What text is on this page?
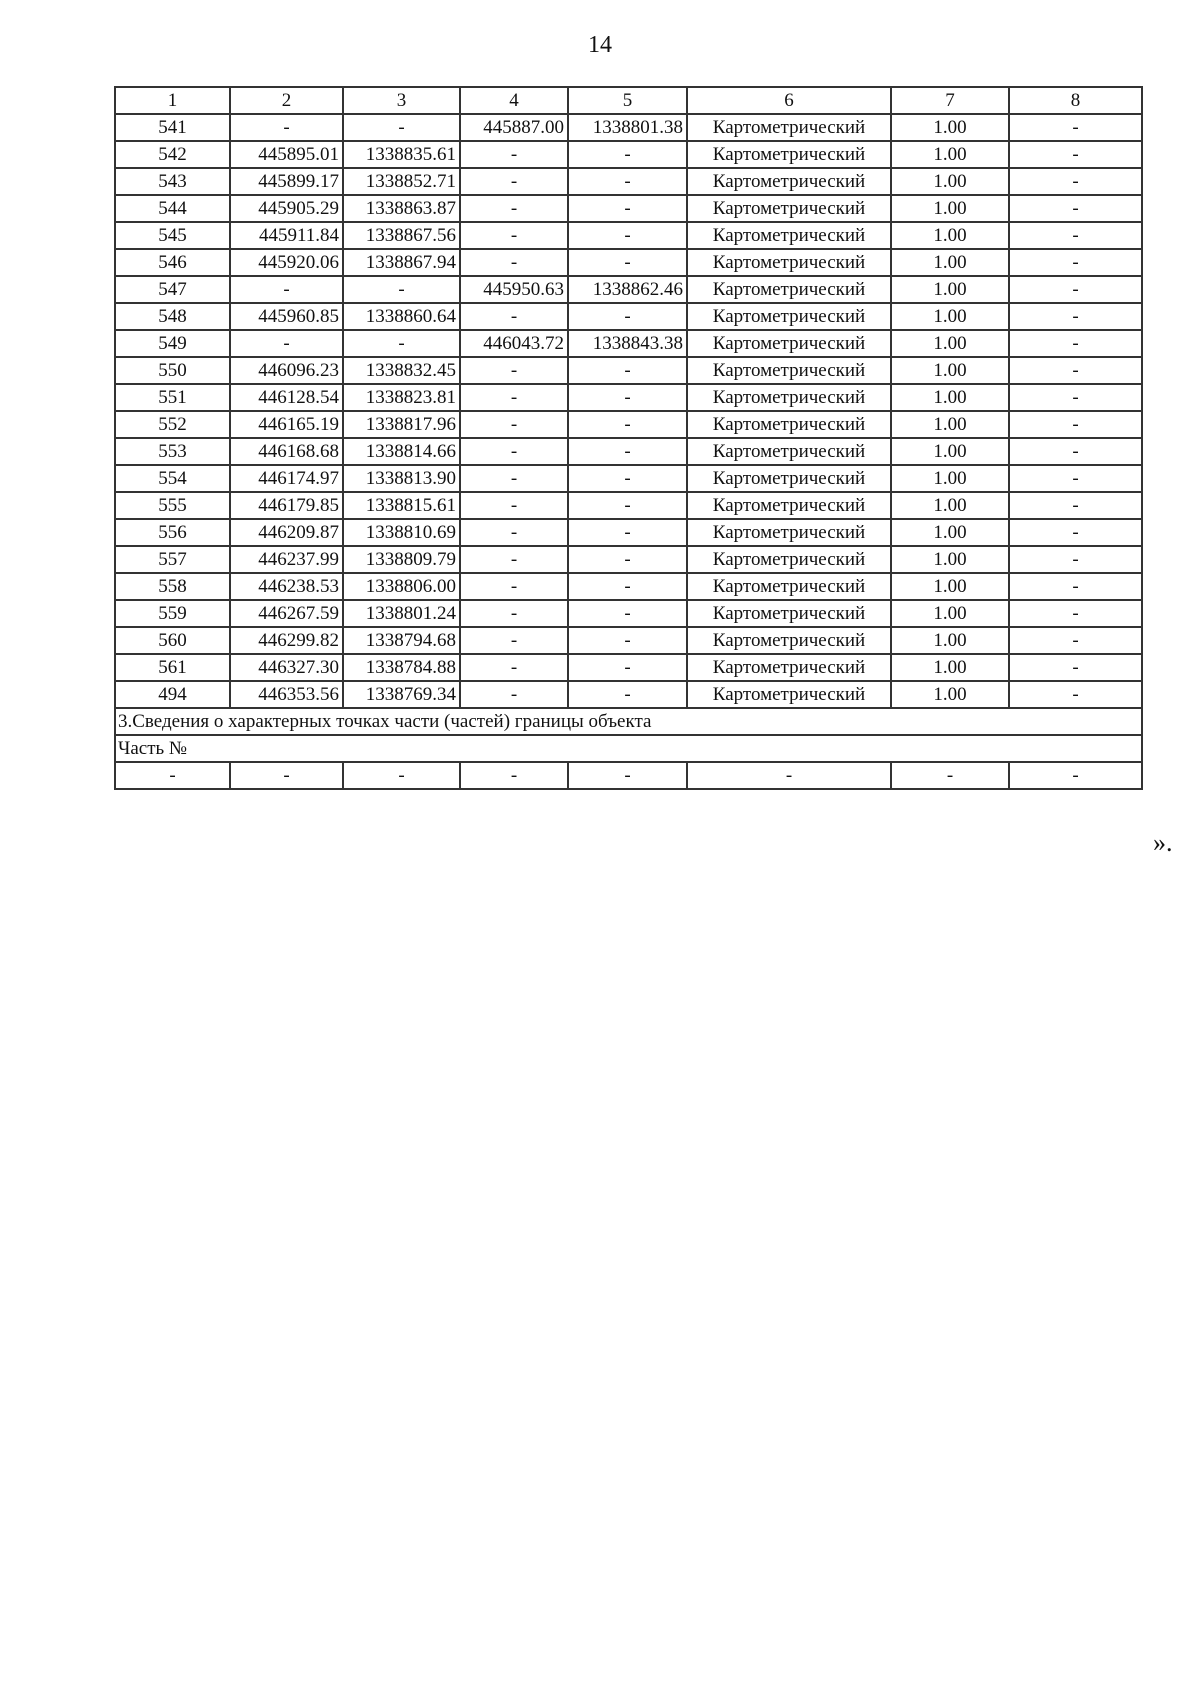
14
1	2	3	4	5	6	7	8
541	-	-	445887.00	1338801.38	Картометрический	1.00	-
542	445895.01	1338835.61	-	-	Картометрический	1.00	-
543	445899.17	1338852.71	-	-	Картометрический	1.00	-
544	445905.29	1338863.87	-	-	Картометрический	1.00	-
545	445911.84	1338867.56	-	-	Картометрический	1.00	-
546	445920.06	1338867.94	-	-	Картометрический	1.00	-
547	-	-	445950.63	1338862.46	Картометрический	1.00	-
548	445960.85	1338860.64	-	-	Картометрический	1.00	-
549	-	-	446043.72	1338843.38	Картометрический	1.00	-
550	446096.23	1338832.45	-	-	Картометрический	1.00	-
551	446128.54	1338823.81	-	-	Картометрический	1.00	-
552	446165.19	1338817.96	-	-	Картометрический	1.00	-
553	446168.68	1338814.66	-	-	Картометрический	1.00	-
554	446174.97	1338813.90	-	-	Картометрический	1.00	-
555	446179.85	1338815.61	-	-	Картометрический	1.00	-
556	446209.87	1338810.69	-	-	Картометрический	1.00	-
557	446237.99	1338809.79	-	-	Картометрический	1.00	-
558	446238.53	1338806.00	-	-	Картометрический	1.00	-
559	446267.59	1338801.24	-	-	Картометрический	1.00	-
560	446299.82	1338794.68	-	-	Картометрический	1.00	-
561	446327.30	1338784.88	-	-	Картометрический	1.00	-
494	446353.56	1338769.34	-	-	Картометрический	1.00	-
3.Сведения о характерных точках части (частей) границы объекта							
Часть №							
-	-	-	-	-	-	-	-
».
